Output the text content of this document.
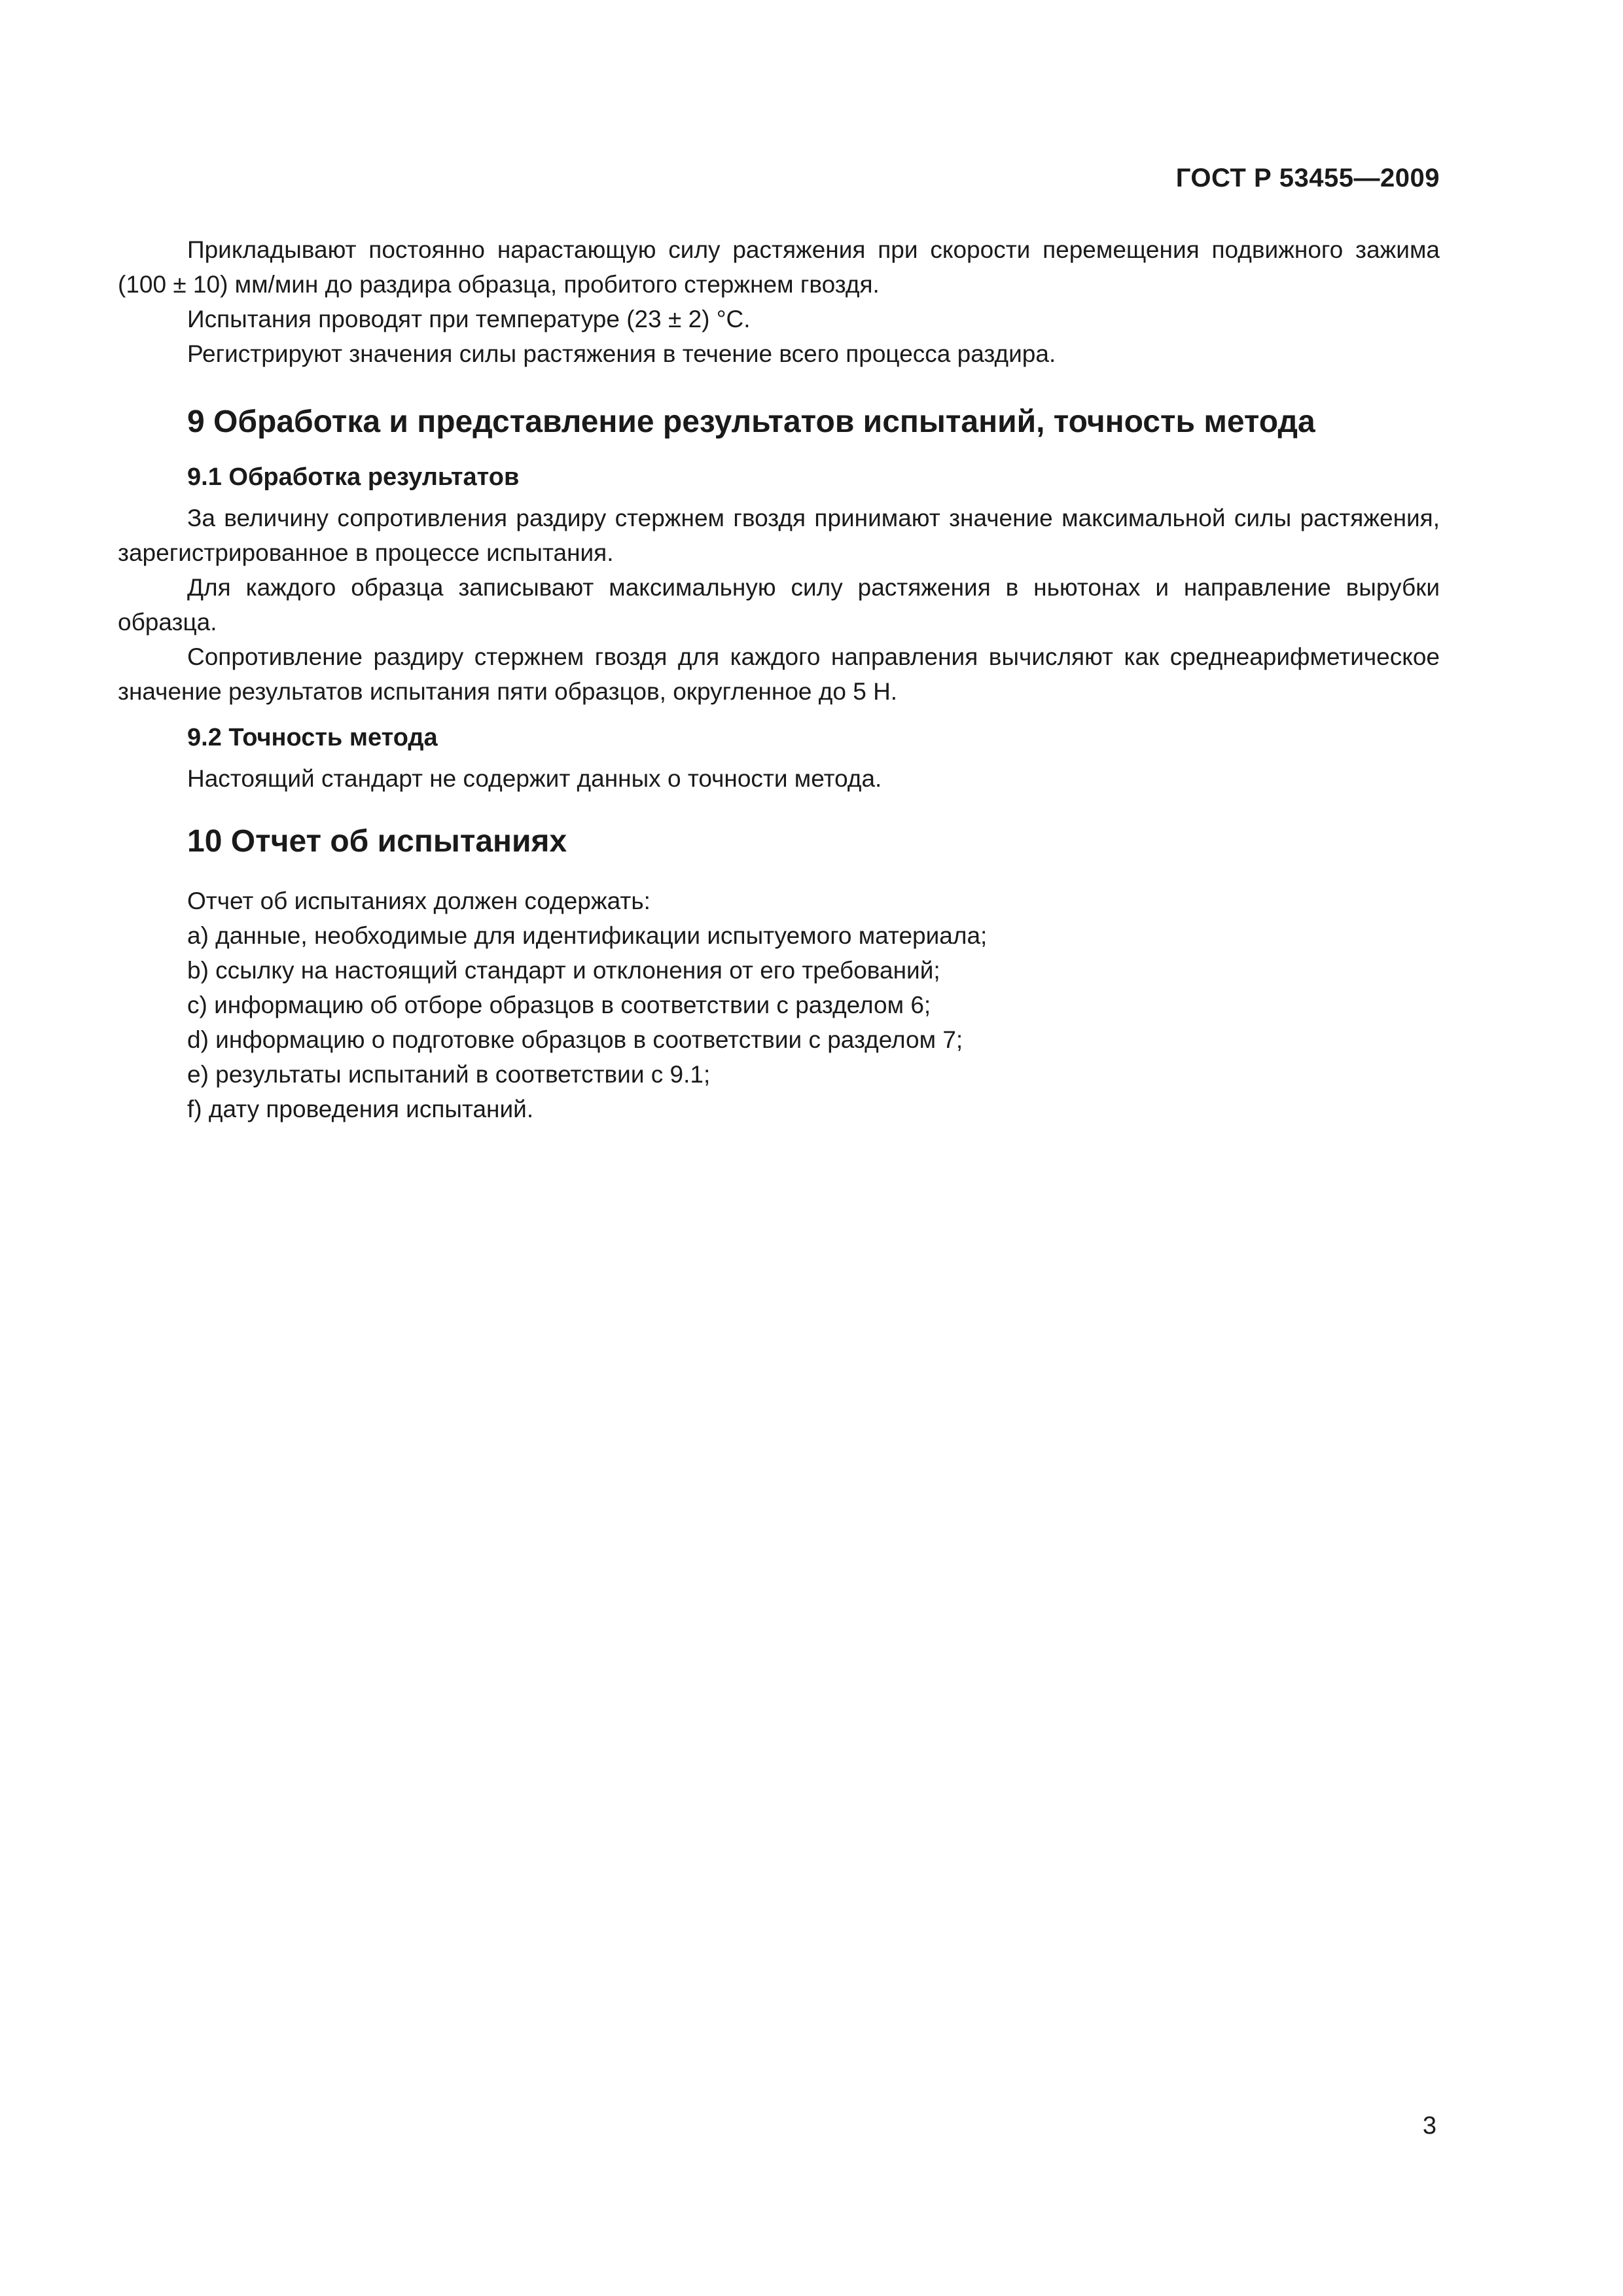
ГОСТ Р 53455—2009

Прикладывают постоянно нарастающую силу растяжения при скорости перемещения подвижного зажима (100 ± 10) мм/мин до раздира образца, пробитого стержнем гвоздя.

Испытания проводят при температуре (23 ± 2) °С.

Регистрируют значения силы растяжения в течение всего процесса раздира.

9 Обработка и представление результатов испытаний, точность метода
9.1 Обработка результатов

За величину сопротивления раздиру стержнем гвоздя принимают значение максимальной силы растяжения, зарегистрированное в процессе испытания.

Для каждого образца записывают максимальную силу растяжения в ньютонах и направление вырубки образца.

Сопротивление раздиру стержнем гвоздя для каждого направления вычисляют как среднеарифметическое значение результатов испытания пяти образцов, округленное до 5 Н.

9.2 Точность метода

Настоящий стандарт не содержит данных о точности метода.

10 Отчет об испытаниях

Отчет об испытаниях должен содержать:

a) данные, необходимые для идентификации испытуемого материала;

b) ссылку на настоящий стандарт и отклонения от его требований;

c) информацию об отборе образцов в соответствии с разделом 6;

d) информацию о подготовке образцов в соответствии с разделом 7;

e) результаты испытаний в соответствии с 9.1;

f) дату проведения испытаний.

3
